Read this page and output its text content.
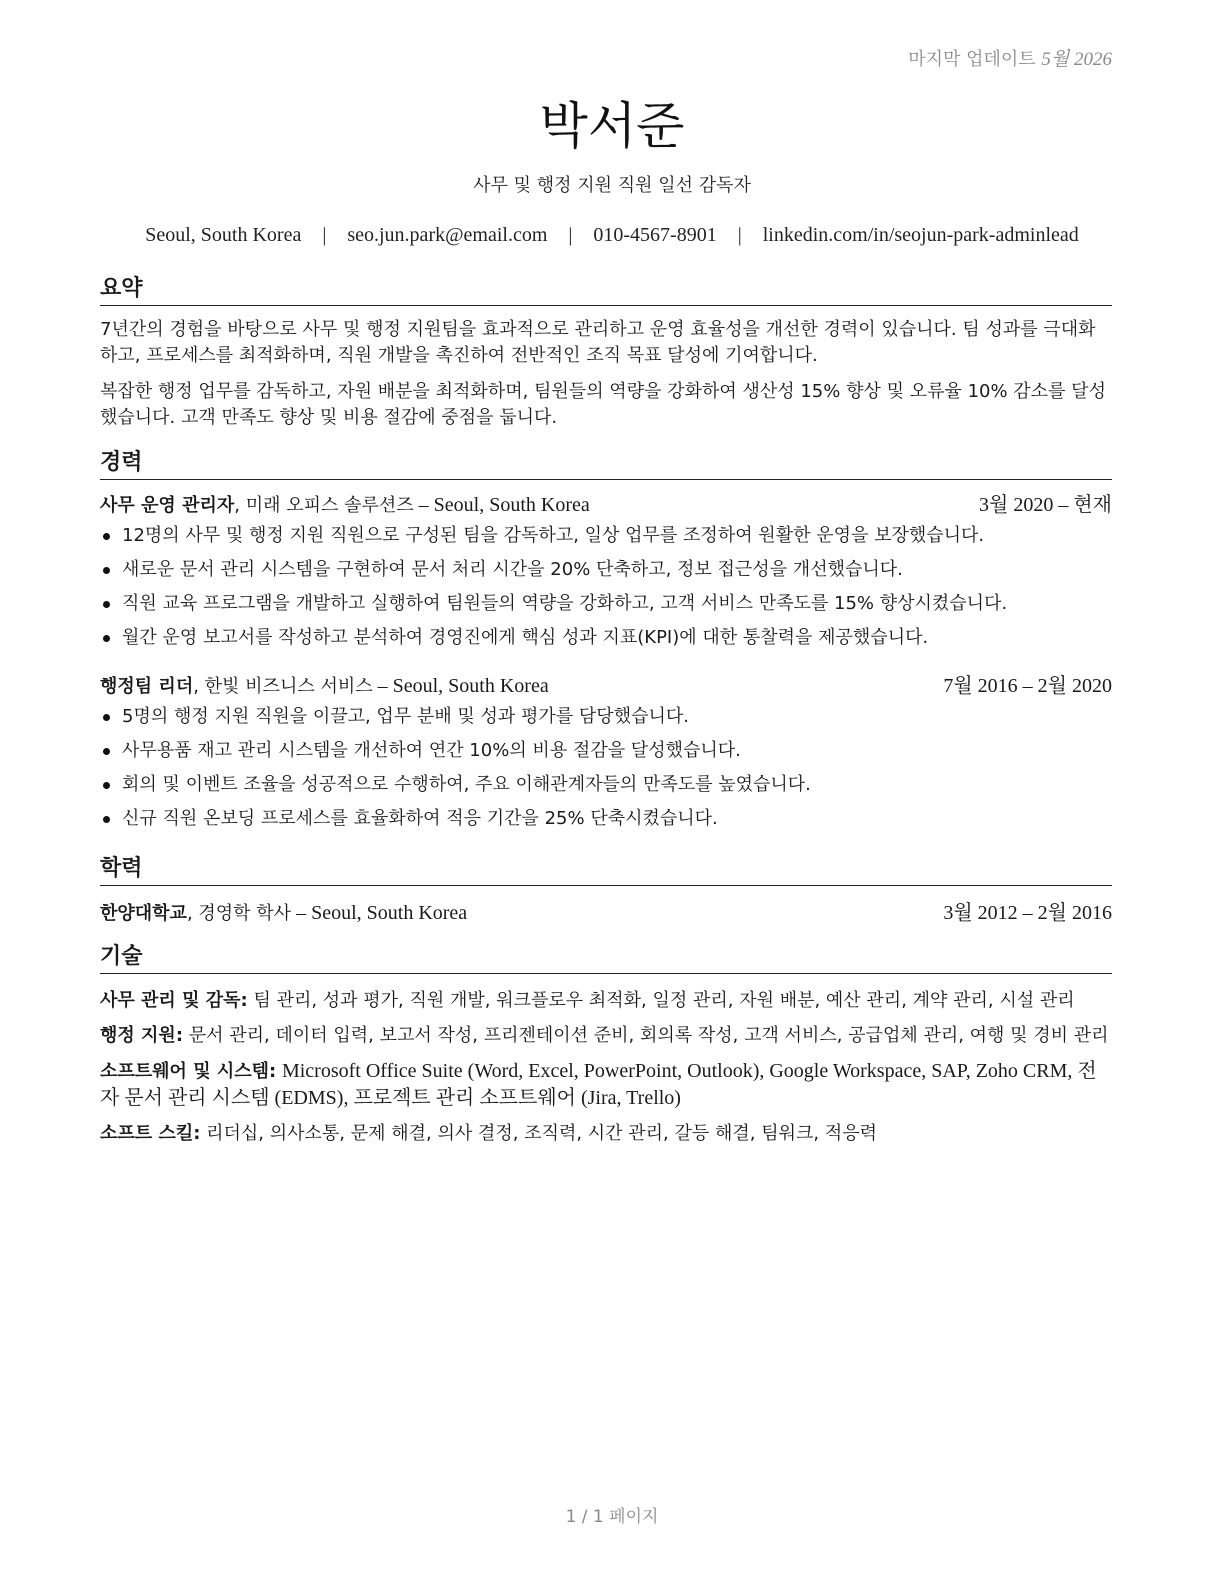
마지막 업데이트 5월 2026
박서준
사무 및 행정 지원 직원 일선 감독자
Seoul, South Korea | seo.jun.park@email.com | 010-4567-8901 | linkedin.com/in/seojun-park-adminlead
요약

7년간의 경험을 바탕으로 사무 및 행정 지원팀을 효과적으로 관리하고 운영 효율성을 개선한 경력이 있습니다. 팀 성과를 극대화하고, 프로세스를 최적화하며, 직원 개발을 촉진하여 전반적인 조직 목표 달성에 기여합니다.

복잡한 행정 업무를 감독하고, 자원 배분을 최적화하며, 팀원들의 역량을 강화하여 생산성 15% 향상 및 오류율 10% 감소를 달성했습니다. 고객 만족도 향상 및 비용 절감에 중점을 둡니다.

경력
사무 운영 관리자, 미래 오피스 솔루션즈 – Seoul, South Korea	3월 2020 – 현재
12명의 사무 및 행정 지원 직원으로 구성된 팀을 감독하고, 일상 업무를 조정하여 원활한 운영을 보장했습니다.
새로운 문서 관리 시스템을 구현하여 문서 처리 시간을 20% 단축하고, 정보 접근성을 개선했습니다.
직원 교육 프로그램을 개발하고 실행하여 팀원들의 역량을 강화하고, 고객 서비스 만족도를 15% 향상시켰습니다.
월간 운영 보고서를 작성하고 분석하여 경영진에게 핵심 성과 지표(KPI)에 대한 통찰력을 제공했습니다.
행정팀 리더, 한빛 비즈니스 서비스 – Seoul, South Korea	7월 2016 – 2월 2020
5명의 행정 지원 직원을 이끌고, 업무 분배 및 성과 평가를 담당했습니다.
사무용품 재고 관리 시스템을 개선하여 연간 10%의 비용 절감을 달성했습니다.
회의 및 이벤트 조율을 성공적으로 수행하여, 주요 이해관계자들의 만족도를 높였습니다.
신규 직원 온보딩 프로세스를 효율화하여 적응 기간을 25% 단축시켰습니다.
학력
한양대학교, 경영학 학사 – Seoul, South Korea	3월 2012 – 2월 2016
기술

사무 관리 및 감독: 팀 관리, 성과 평가, 직원 개발, 워크플로우 최적화, 일정 관리, 자원 배분, 예산 관리, 계약 관리, 시설 관리

행정 지원: 문서 관리, 데이터 입력, 보고서 작성, 프리젠테이션 준비, 회의록 작성, 고객 서비스, 공급업체 관리, 여행 및 경비 관리

소프트웨어 및 시스템: Microsoft Office Suite (Word, Excel, PowerPoint, Outlook), Google Workspace, SAP, Zoho CRM, 전자 문서 관리 시스템 (EDMS), 프로젝트 관리 소프트웨어 (Jira, Trello)

소프트 스킬: 리더십, 의사소통, 문제 해결, 의사 결정, 조직력, 시간 관리, 갈등 해결, 팀워크, 적응력

1 / 1 페이지
